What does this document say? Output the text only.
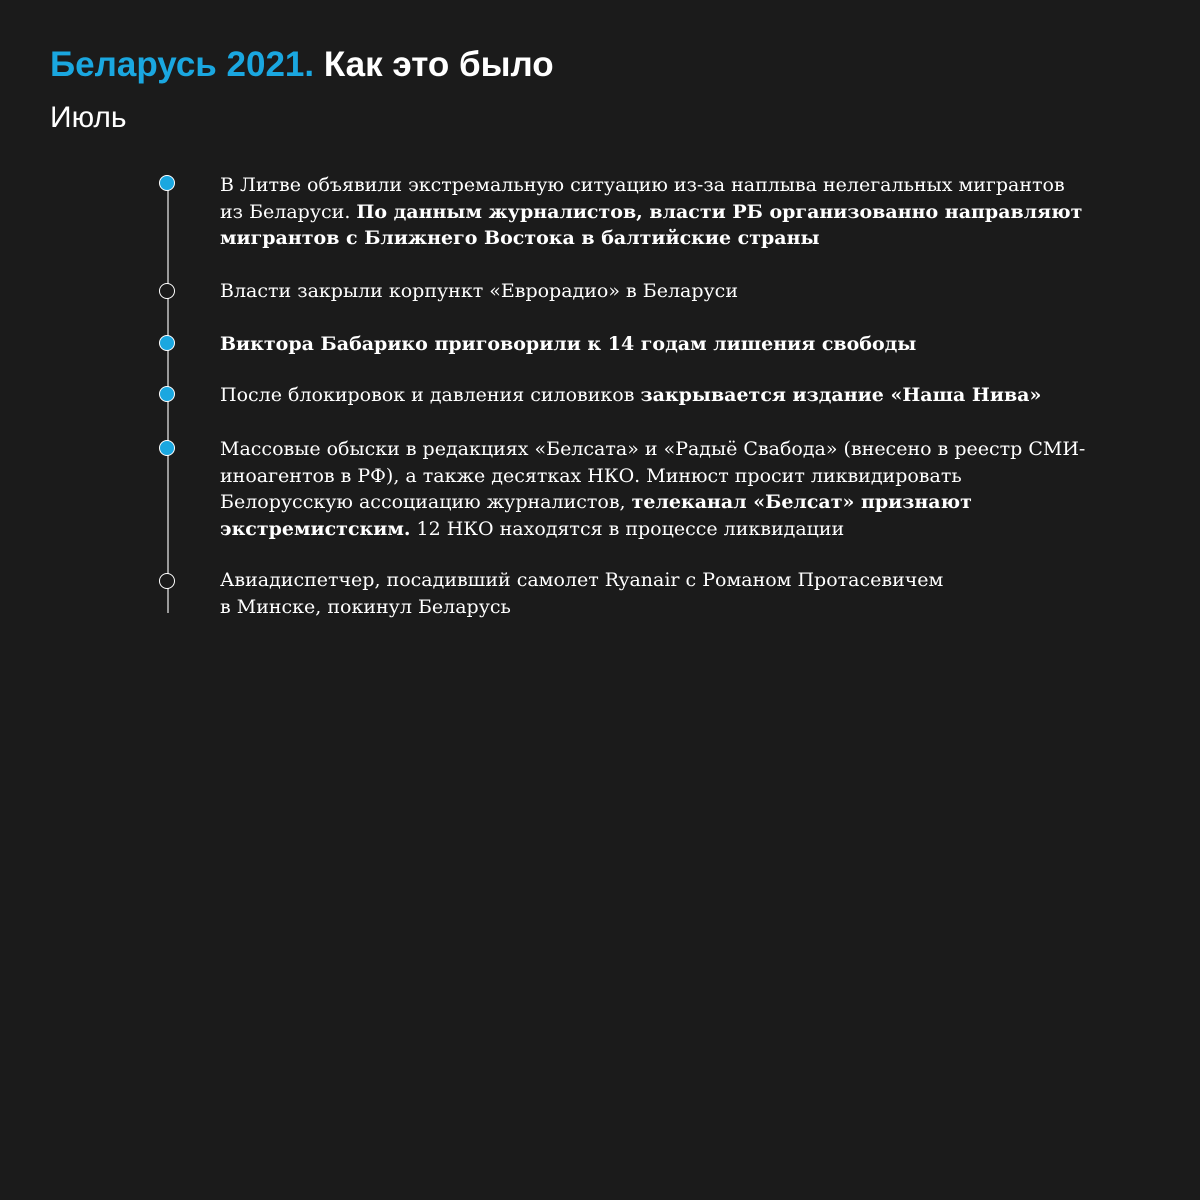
Беларусь 2021. Как это было
Июль

В Литве объявили экстремальную ситуацию из-за наплыва нелегальных мигрантов из Беларуси. По данным журналистов, власти РБ организованно направляют мигрантов с Ближнего Востока в балтийские страны

Власти закрыли корпункт «Еврорадио» в Беларуси

Виктора Бабарико приговорили к 14 годам лишения свободы

После блокировок и давления силовиков закрывается издание «Наша Нива»

Массовые обыски в редакциях «Белсата» и «Радыё Свабода» (внесено в реестр СМИ-иноагентов в РФ), а также десятках НКО. Минюст просит ликвидировать Белорусскую ассоциацию журналистов, телеканал «Белсат» признают экстремистским. 12 НКО находятся в процессе ликвидации

Авиадиспетчер, посадивший самолет Ryanair с Романом Протасевичем
в Минске, покинул Беларусь
